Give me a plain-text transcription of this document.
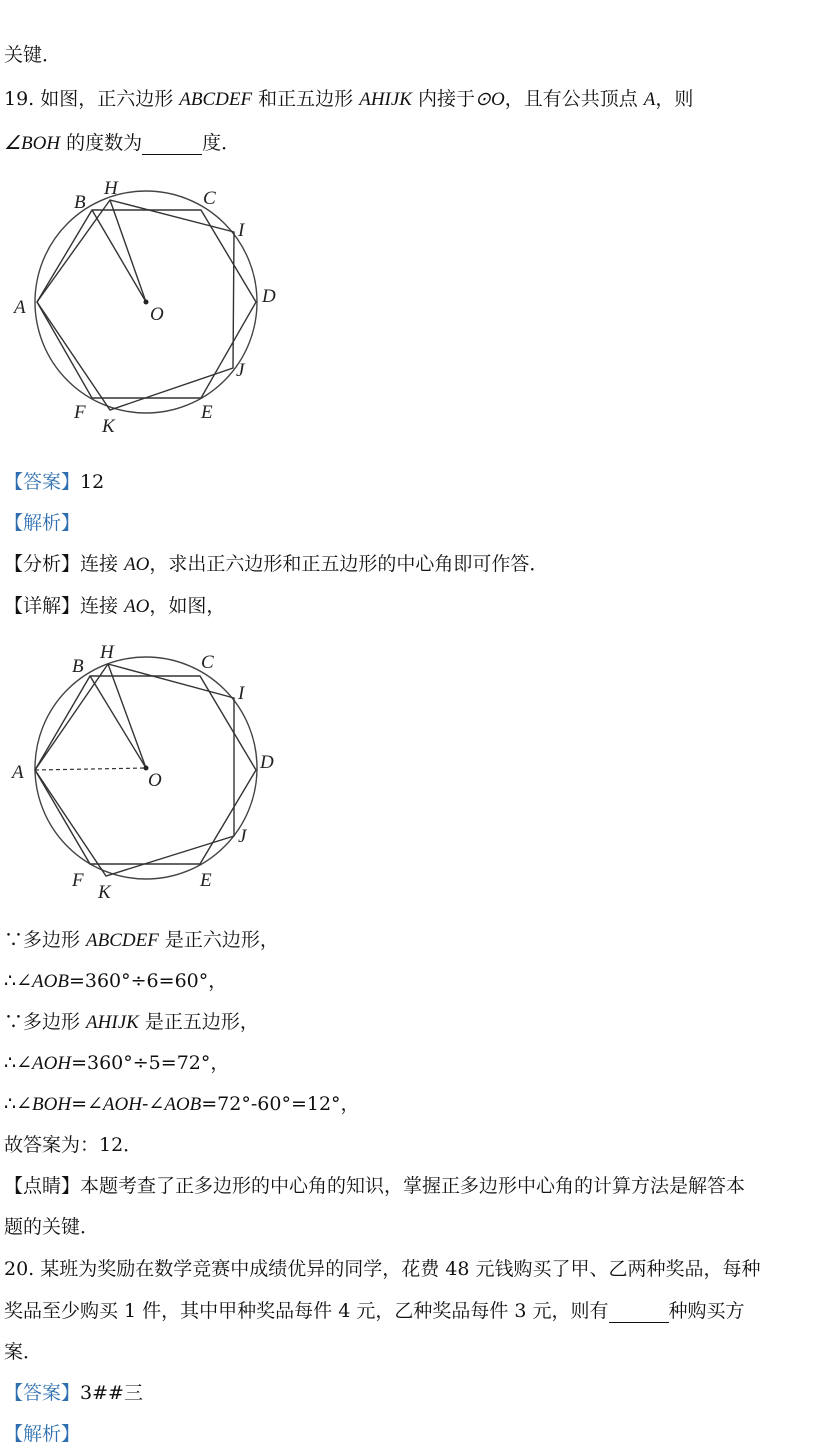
关键．
19. 如图，正六边形 ABCDEF 和正五边形 AHIJK 内接于⊙O，且有公共顶点 A，则
∠BOH 的度数为	度．
B
H	C
I
A
D
O
J
F
K
E
【答案】12
【解析】
【分析】连接 AO，求出正六边形和正五边形的中心角即可作答．
【详解】连接 AO，如图，
B
H	C
I
A	D
O
J
F
K
E
∵多边形 ABCDEF 是正六边形，
∴∠AOB=360°÷6=60°，
∵多边形 AHIJK 是正五边形，
∴∠AOH=360°÷5=72°，
∴∠BOH=∠AOH-∠AOB=72°-60°=12°，
故答案为：12．
【点睛】本题考查了正多边形的中心角的知识，掌握正多边形中心角的计算方法是解答本
题的关键．
20. 某班为奖励在数学竞赛中成绩优异的同学，花费 48 元钱购买了甲、乙两种奖品，每种
奖品至少购买 1 件，其中甲种奖品每件 4 元，乙种奖品每件 3 元，则有	种购买方
案．
【答案】3##三
【解析】
